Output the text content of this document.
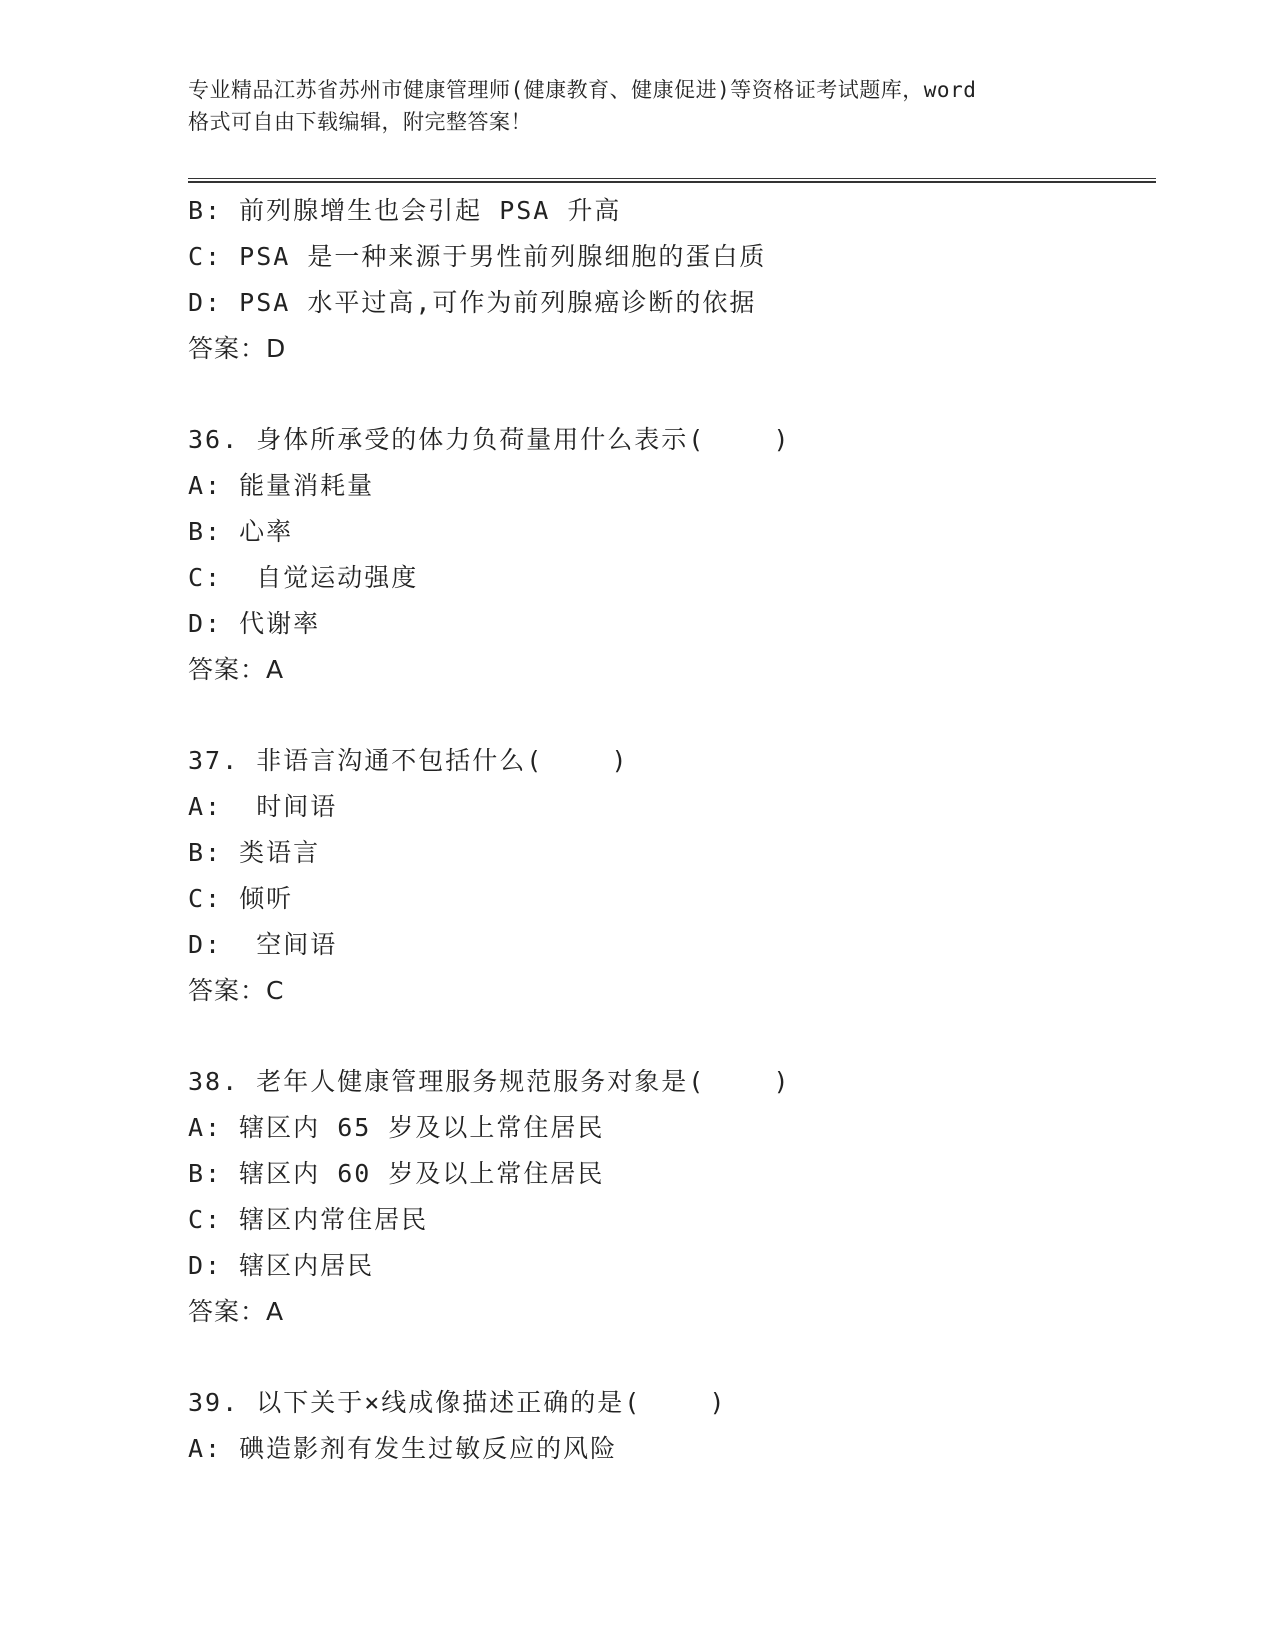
专业精品江苏省苏州市健康管理师(健康教育、健康促进)等资格证考试题库，word
格式可自由下载编辑，附完整答案！
B: 前列腺增生也会引起 PSA 升高
C: PSA 是一种来源于男性前列腺细胞的蛋白质
D: PSA 水平过高,可作为前列腺癌诊断的依据
答案：D
36. 身体所承受的体力负荷量用什么表示(    )
A: 能量消耗量
B: 心率
C:  自觉运动强度
D: 代谢率
答案：A
37. 非语言沟通不包括什么(    )
A:  时间语
B: 类语言
C: 倾听
D:  空间语
答案：C
38. 老年人健康管理服务规范服务对象是(    )
A: 辖区内 65 岁及以上常住居民
B: 辖区内 60 岁及以上常住居民
C: 辖区内常住居民
D: 辖区内居民
答案：A
39. 以下关于×线成像描述正确的是(    )
A: 碘造影剂有发生过敏反应的风险
